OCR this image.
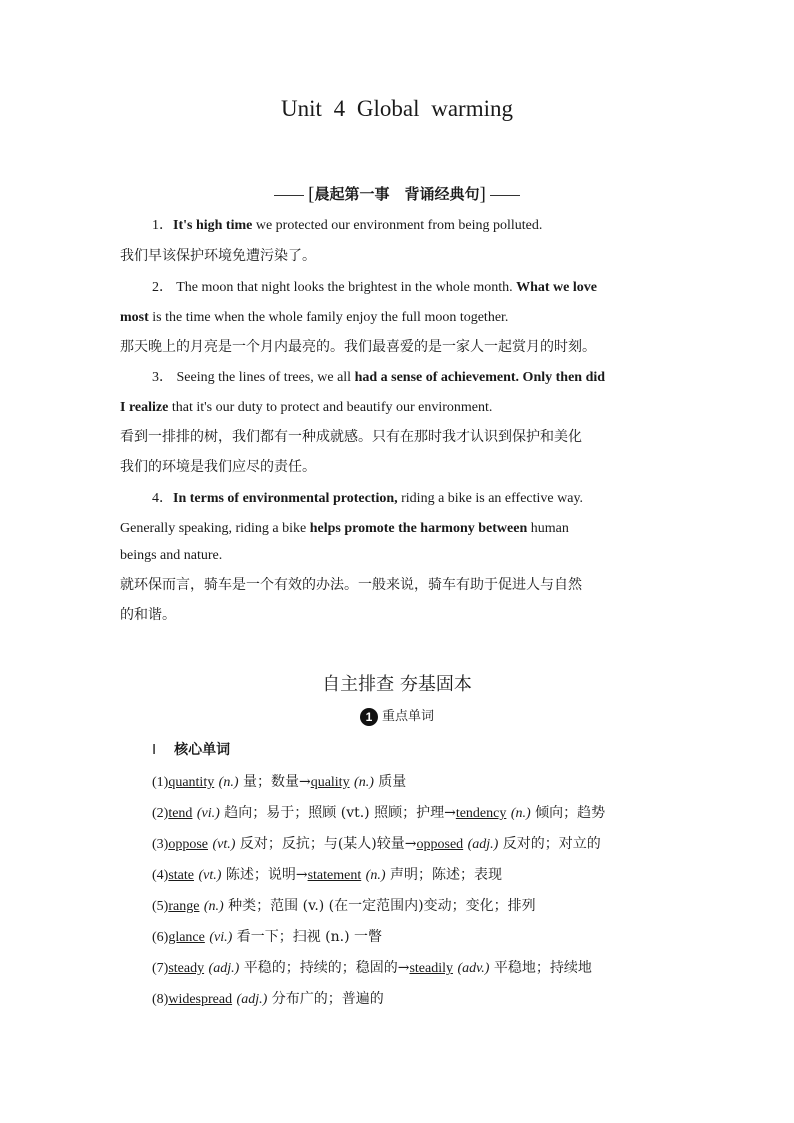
Unit 4 Global warming
[晨起第一事　背诵经典句]
1．It's high time we protected our environment from being polluted.
我们早该保护环境免遭污染了。
2． The moon that night looks the brightest in the whole month. What we love
most is the time when the whole family enjoy the full moon together.
那天晚上的月亮是一个月内最亮的。我们最喜爱的是一家人一起赏月的时刻。
3． Seeing the lines of trees, we all had a sense of achievement. Only then did
I realize that it's our duty to protect and beautify our environment.
看到一排排的树，我们都有一种成就感。只有在那时我才认识到保护和美化
我们的环境是我们应尽的责任。
4．In terms of environmental protection, riding a bike is an effective way.
Generally speaking, riding a bike helps promote the harmony between human
beings and nature.
就环保而言，骑车是一个有效的办法。一般来说，骑车有助于促进人与自然
的和谐。
自主排查 夯基固本
1 重点单词
Ⅰ 核心单词
(1)quantity (n.) 量；数量→quality (n.) 质量
(2)tend (vi.) 趋向；易于；照顾 (vt.) 照顾；护理→tendency (n.) 倾向；趋势
(3)oppose (vt.) 反对；反抗；与(某人)较量→opposed (adj.) 反对的；对立的
(4)state (vt.) 陈述；说明→statement (n.) 声明；陈述；表现
(5)range (n.) 种类；范围 (v.) (在一定范围内)变动；变化；排列
(6)glance (vi.) 看一下；扫视 (n.) 一瞥
(7)steady (adj.) 平稳的；持续的；稳固的→steadily (adv.) 平稳地；持续地
(8)widespread (adj.) 分布广的；普遍的
